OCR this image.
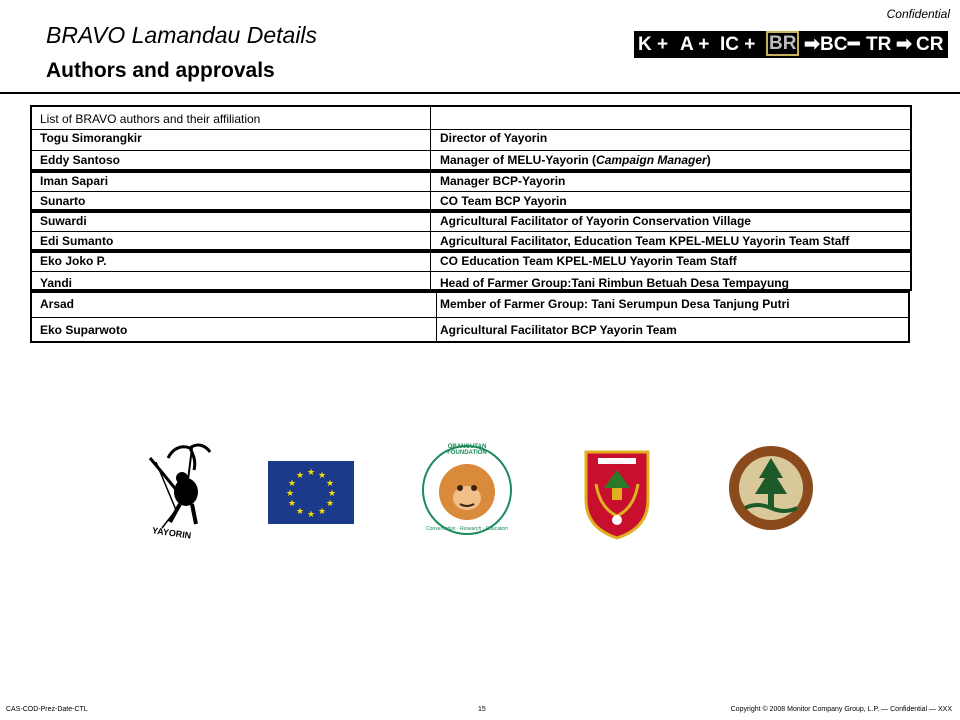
Confidential
BRAVO Lamandau Details
Authors and approvals
K + A + IC + BR ➡ BC ━ TR ➡ CR
List of BRAVO authors and their affiliation
Togu Simorangkir	Director of Yayorin
Eddy Santoso	Manager of MELU-Yayorin (Campaign Manager)
Iman Sapari	Manager BCP-Yayorin
Sunarto	CO Team BCP Yayorin
Suwardi	Agricultural Facilitator of Yayorin Conservation Village
Edi Sumanto	Agricultural Facilitator, Education Team KPEL-MELU Yayorin Team Staff
Eko Joko P.	CO Education Team KPEL-MELU Yayorin Team Staff
Yandi	Head of Farmer Group:Tani Rimbun Betuah Desa Tempayung
Arsad	Member of Farmer Group: Tani Serumpun Desa Tanjung Putri
Eko Suparwoto	Agricultural Facilitator BCP Yayorin Team
YAYORIN
★ ★
★
★
★
★
★
★
★
★
★
★
ORANGUTAN FOUNDATION
Conservation · Research · Education
CAS-COD-Prez-Date-CTL	15	Copyright © 2008 Monitor Company Group, L.P. — Confidential — XXX
